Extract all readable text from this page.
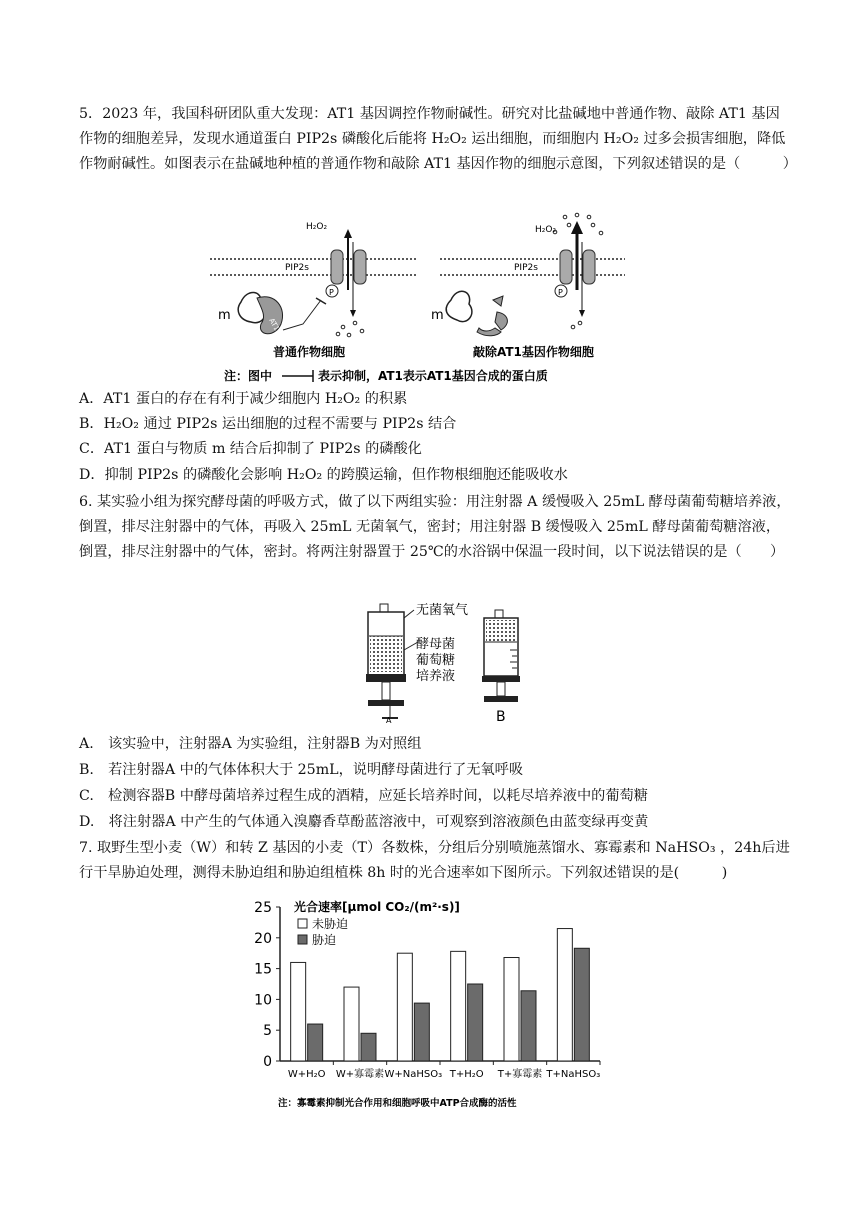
5．2023 年，我国科研团队重大发现：AT1 基因调控作物耐碱性。研究对比盐碱地中普通作物、敲除 AT1 基因作物的细胞差异，发现水通道蛋白 PIP2s 磷酸化后能将 H₂O₂ 运出细胞，而细胞内 H₂O₂ 过多会损害细胞，降低作物耐碱性。如图表示在盐碱地种植的普通作物和敲除 AT1 基因作物的细胞示意图，下列叙述错误的是（　　　）

P
H₂O₂
PIP2s
AT1
m
普通作物细胞
P
H₂O₂
PIP2s
m
敲除AT1基因作物细胞
注：图中	表示抑制，AT1表示AT1基因合成的蛋白质
A．AT1 蛋白的存在有利于减少细胞内 H₂O₂ 的积累
B．H₂O₂ 通过 PIP2s 运出细胞的过程不需要与 PIP2s 结合
C．AT1 蛋白与物质 m 结合后抑制了 PIP2s 的磷酸化
D．抑制 PIP2s 的磷酸化会影响 H₂O₂ 的跨膜运输，但作物根细胞还能吸收水

6. 某实验小组为探究酵母菌的呼吸方式，做了以下两组实验：用注射器 A 缓慢吸入 25mL 酵母菌葡萄糖培养液，倒置，排尽注射器中的气体，再吸入 25mL 无菌氧气，密封；用注射器 B 缓慢吸入 25mL 酵母菌葡萄糖溶液，倒置，排尽注射器中的气体，密封。将两注射器置于 25℃的水浴锅中保温一段时间，以下说法错误的是（　　）

无菌氧气
酵母菌
葡萄糖
培养液
A	B
A.　该实验中，注射器A 为实验组，注射器B 为对照组
B.　若注射器A 中的气体体积大于 25mL，说明酵母菌进行了无氧呼吸
C.　检测容器B 中酵母菌培养过程生成的酒精，应延长培养时间，以耗尽培养液中的葡萄糖
D.　将注射器A 中产生的气体通入溴麝香草酚蓝溶液中，可观察到溶液颜色由蓝变绿再变黄

7. 取野生型小麦（W）和转 Z 基因的小麦（T）各数株，分组后分别喷施蒸馏水、寡霉素和 NaHSO₃ ，24h后进行干旱胁迫处理，测得未胁迫组和胁迫组植株 8h 时的光合速率如下图所示。下列叙述错误的是(　　　)

光合速率[μmol CO₂/(m²·s)]
未胁迫
胁迫
0
5
10
15
20
25
W+H₂O W+寡霉素 W+NaHSO₃ T+H₂O T+寡霉素 T+NaHSO₃
注：寡霉素抑制光合作用和细胞呼吸中ATP合成酶的活性
